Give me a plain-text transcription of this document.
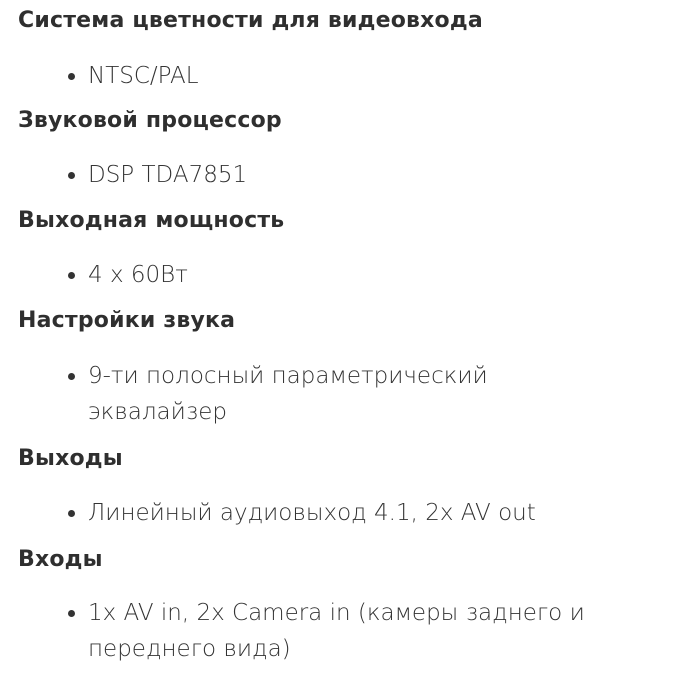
Система цветности для видеовхода
NTSC/PAL
Звуковой процессор
DSP TDA7851
Выходная мощность
4 x 60Вт
Настройки звука
9-ти полосный параметрический эквалайзер
Выходы
Линейный аудиовыход 4.1, 2x AV out
Входы
1x AV in, 2x Camera in (камеры заднего и переднего вида)
